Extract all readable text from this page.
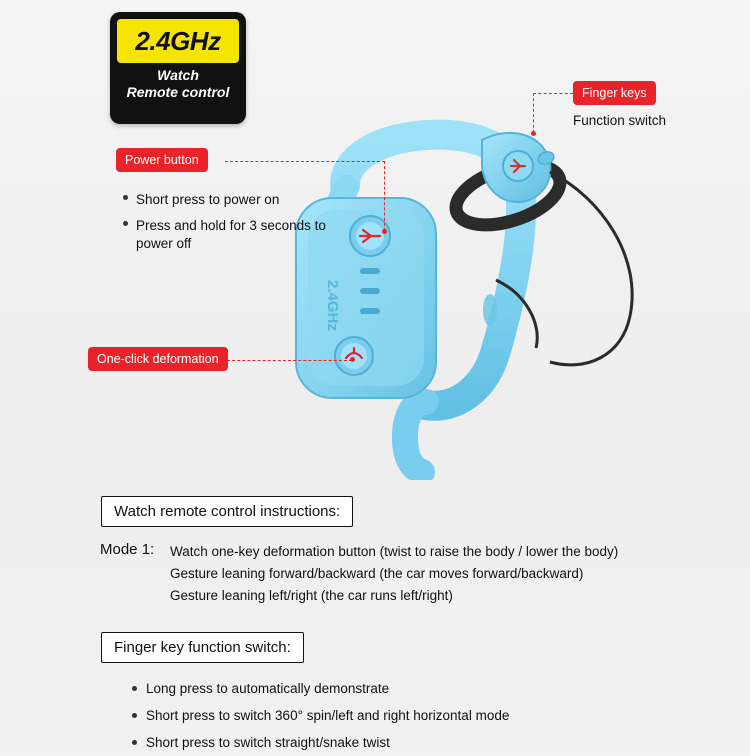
2.4GHz
2.4GHz
Watch
Remote control
Power button
One-click deformation
Finger keys
Function switch
Short press to power on
Press and hold for 3 seconds to power off
Watch remote control instructions:
Mode 1: Watch one-key deformation button (twist to raise the body / lower the body)
Gesture leaning forward/backward (the car moves forward/backward)
Gesture leaning left/right (the car runs left/right)
Finger key function switch:
Long press to automatically demonstrate
Short press to switch 360° spin/left and right horizontal mode
Short press to switch straight/snake twist
